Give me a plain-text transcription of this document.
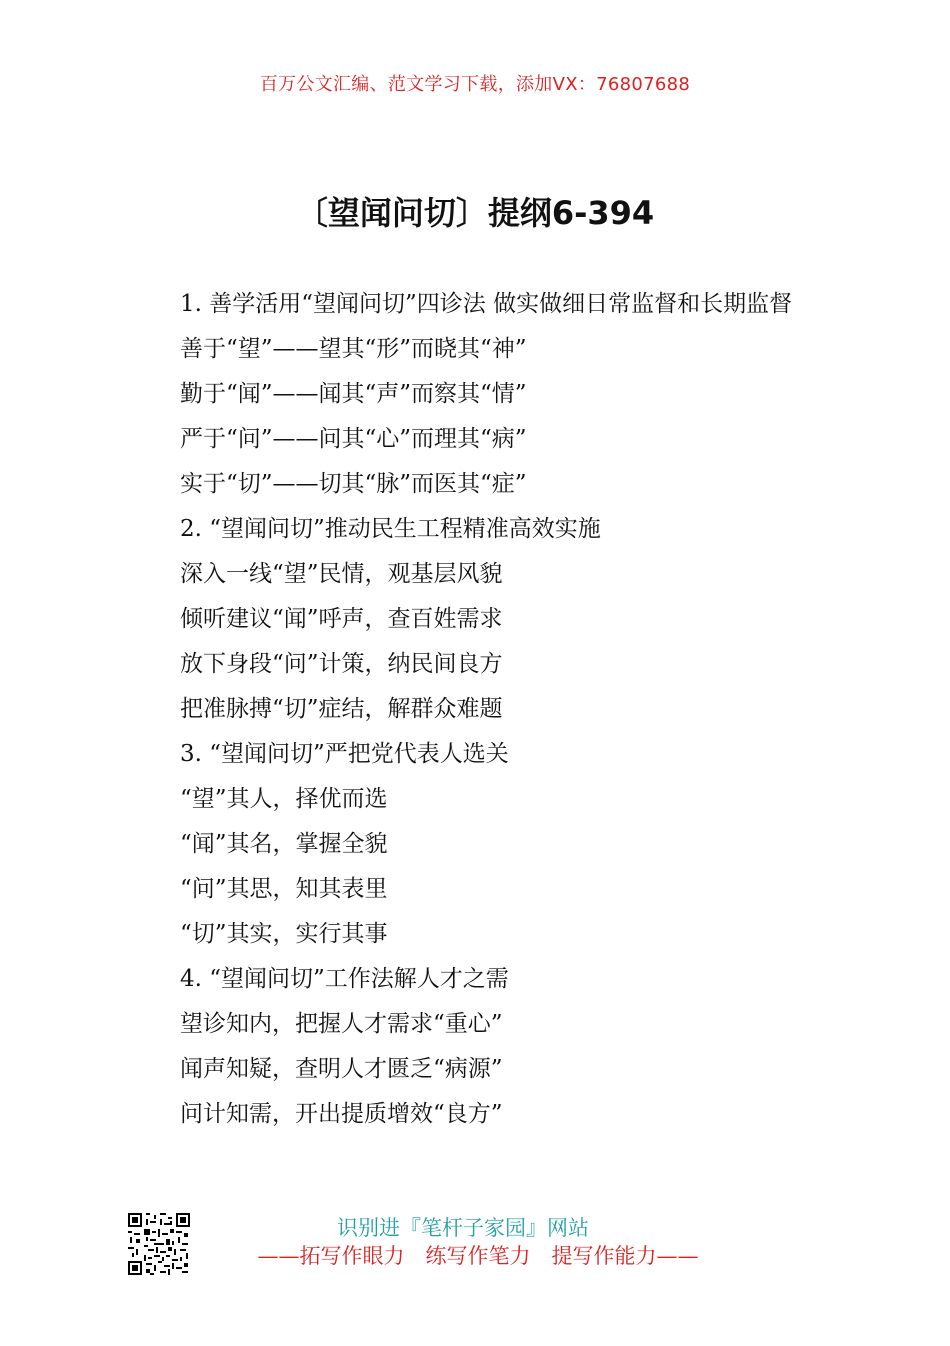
百万公文汇编、范文学习下载，添加VX：76807688
〔望闻问切〕提纲6-394

1. 善学活用“望闻问切”四诊法 做实做细日常监督和长期监督

善于“望”——望其“形”而晓其“神”

勤于“闻”——闻其“声”而察其“情”

严于“问”——问其“心”而理其“病”

实于“切”——切其“脉”而医其“症”

2. “望闻问切”推动民生工程精准高效实施

深入一线“望”民情，观基层风貌

倾听建议“闻”呼声，查百姓需求

放下身段“问”计策，纳民间良方

把准脉搏“切”症结，解群众难题

3. “望闻问切”严把党代表人选关

“望”其人，择优而选

“闻”其名，掌握全貌

“问”其思，知其表里

“切”其实，实行其事

4. “望闻问切”工作法解人才之需

望诊知内，把握人才需求“重心”

闻声知疑，查明人才匮乏“病源”

问计知需，开出提质增效“良方”

识别进『笔杆子家园』网站
——拓写作眼力　练写作笔力　提写作能力——
